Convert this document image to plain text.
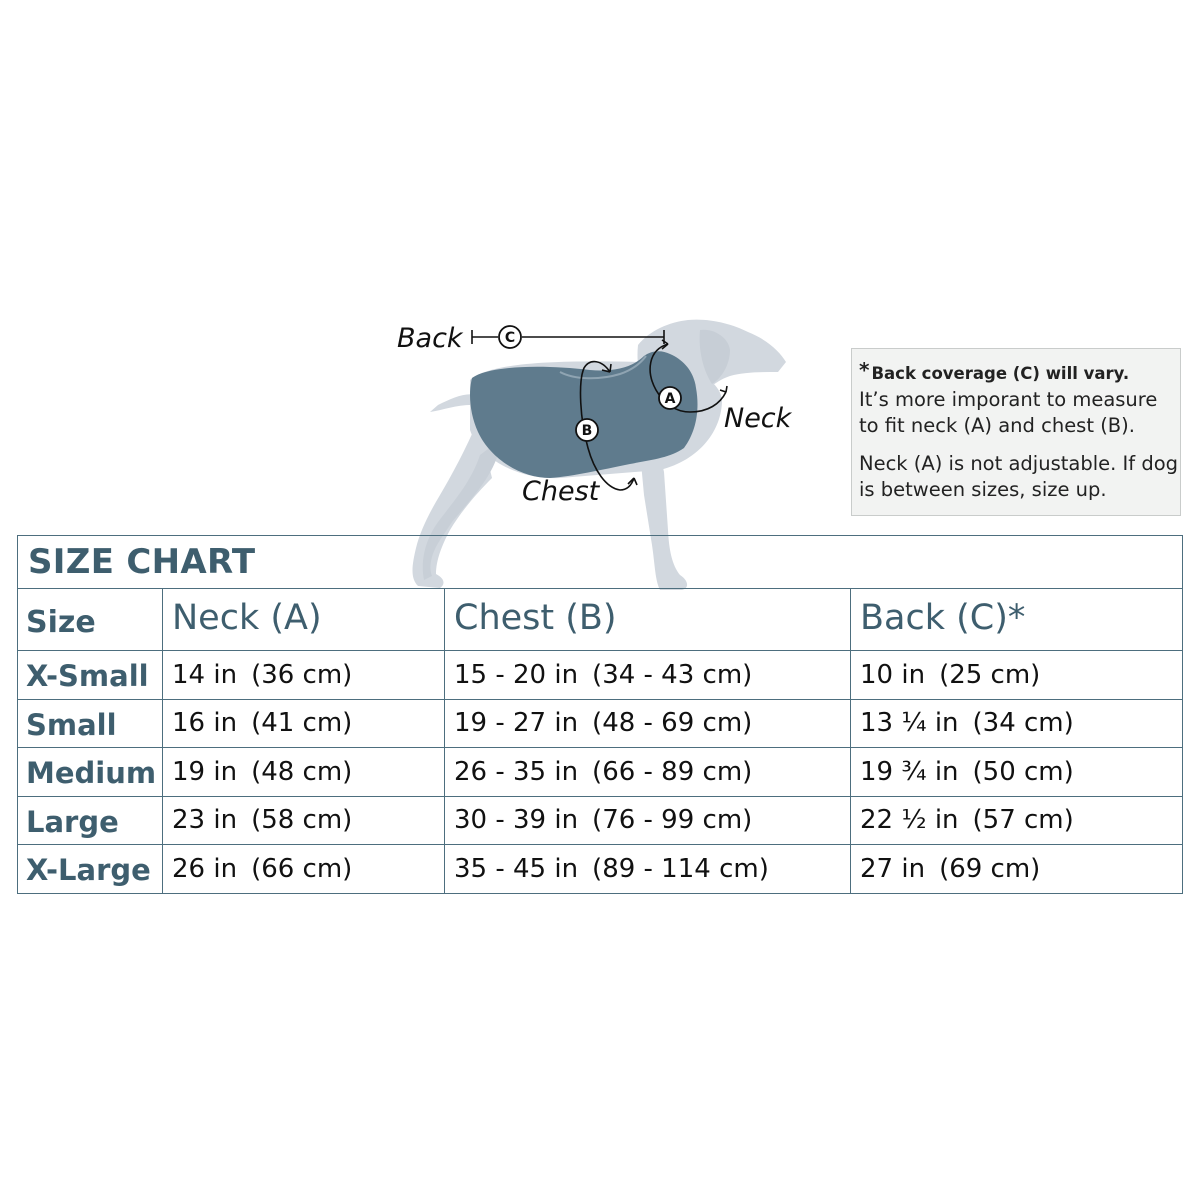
C
Back
A
Neck
B
Chest
* Back coverage (C) will vary.
It’s more imporant to measure
to fit neck (A) and chest (B).
Neck (A) is not adjustable. If dog
is between sizes, size up.
SIZE CHART			
Size	Neck (A)	Chest (B)	Back (C)*
X-Small	14 in (36 cm)	15 - 20 in (34 - 43 cm)	10 in (25 cm)
Small	16 in (41 cm)	19 - 27 in (48 - 69 cm)	13 ¼ in (34 cm)
Medium	19 in (48 cm)	26 - 35 in (66 - 89 cm)	19 ¾ in (50 cm)
Large	23 in (58 cm)	30 - 39 in (76 - 99 cm)	22 ½ in (57 cm)
X-Large	26 in (66 cm)	35 - 45 in (89 - 114 cm)	27 in (69 cm)
